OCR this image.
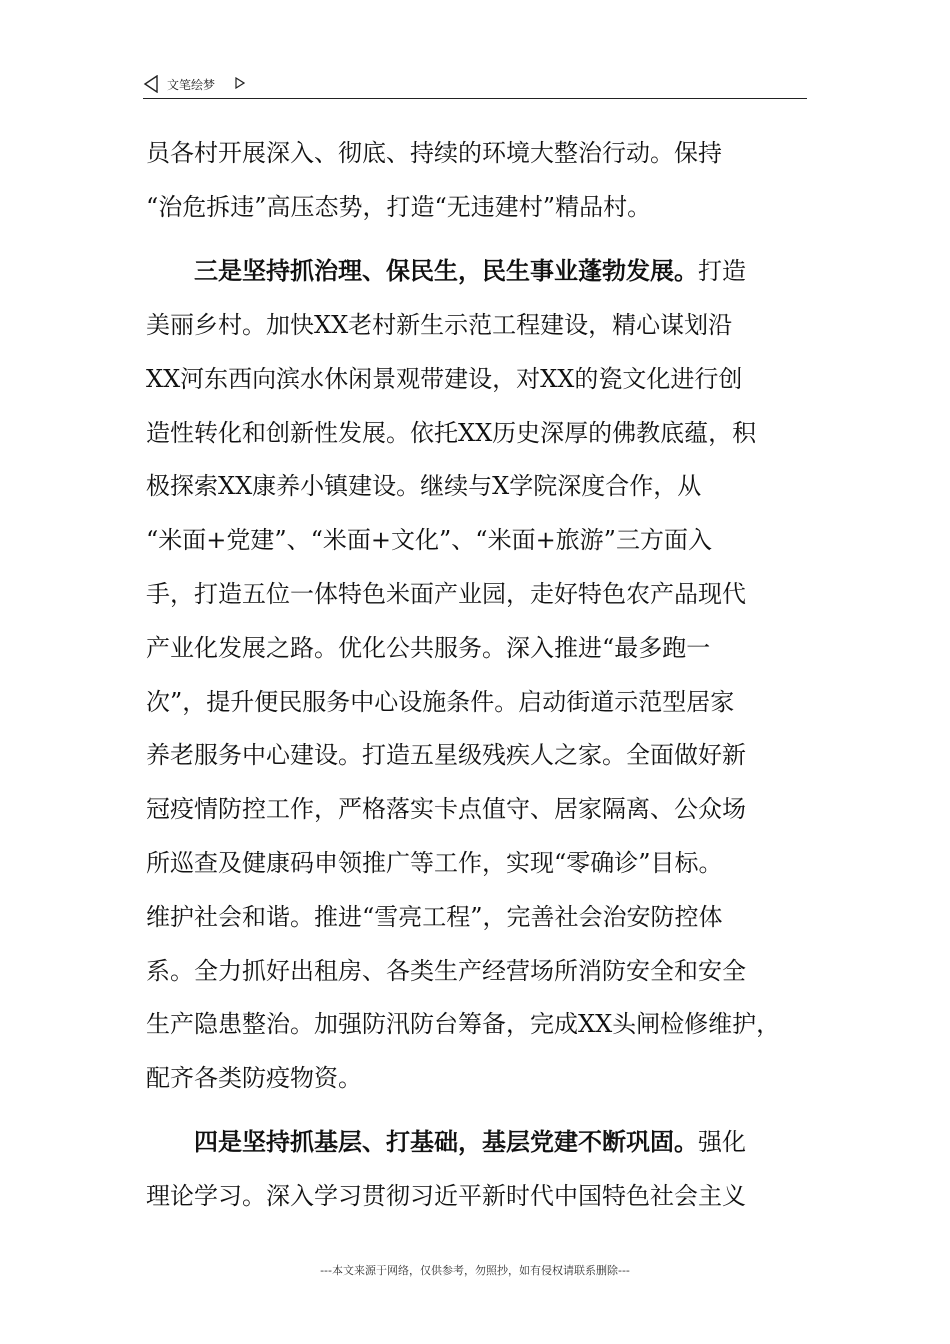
文笔绘梦
员各村开展深入、彻底、持续的环境大整治行动。保持
“治危拆违”高压态势，打造“无违建村”精品村。
三是坚持抓治理、保民生，民生事业蓬勃发展。打造
美丽乡村。加快XX老村新生示范工程建设，精心谋划沿
XX河东西向滨水休闲景观带建设，对XX的瓷文化进行创
造性转化和创新性发展。依托XX历史深厚的佛教底蕴，积
极探索XX康养小镇建设。继续与X学院深度合作，从
“米面+党建”、“米面+文化”、“米面+旅游”三方面入
手，打造五位一体特色米面产业园，走好特色农产品现代
产业化发展之路。优化公共服务。深入推进“最多跑一
次”，提升便民服务中心设施条件。启动街道示范型居家
养老服务中心建设。打造五星级残疾人之家。全面做好新
冠疫情防控工作，严格落实卡点值守、居家隔离、公众场
所巡查及健康码申领推广等工作，实现“零确诊”目标。
维护社会和谐。推进“雪亮工程”，完善社会治安防控体
系。全力抓好出租房、各类生产经营场所消防安全和安全
生产隐患整治。加强防汛防台筹备，完成XX头闸检修维护，
配齐各类防疫物资。
四是坚持抓基层、打基础，基层党建不断巩固。强化
理论学习。深入学习贯彻习近平新时代中国特色社会主义
---本文来源于网络，仅供参考，勿照抄，如有侵权请联系删除---
